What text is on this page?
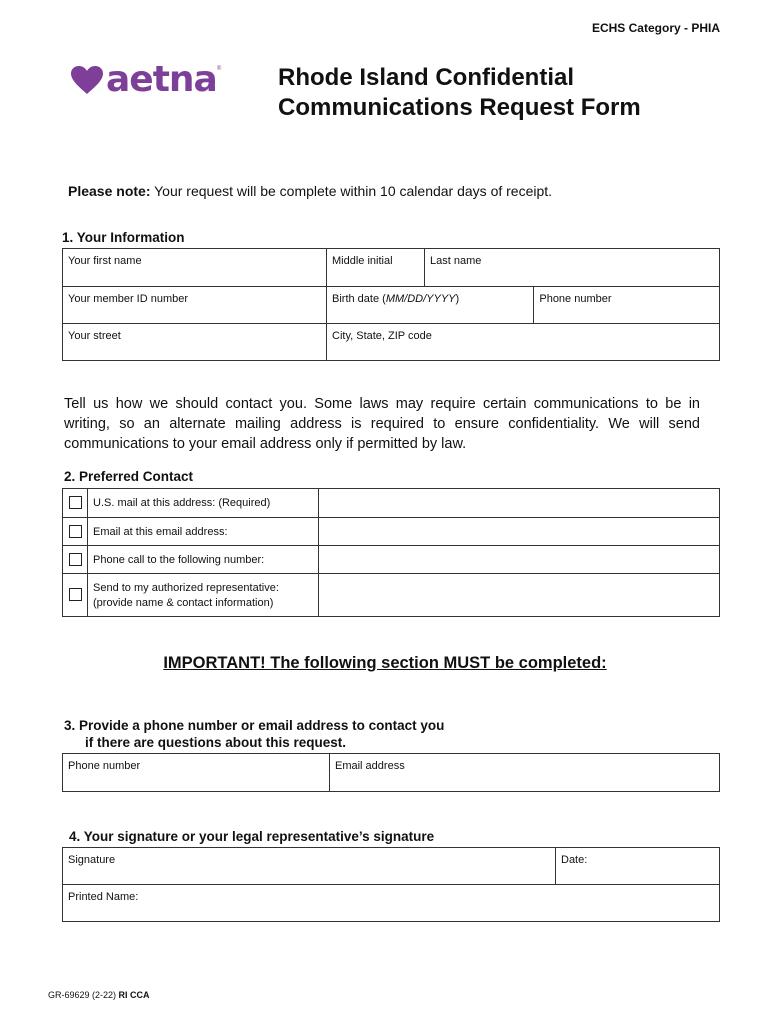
ECHS Category - PHIA
aetna ® Rhode Island Confidential
Communications Request Form
Please note: Your request will be complete within 10 calendar days of receipt.
1. Your Information
Your first name	Middle initial	Last name	
Your member ID number	Birth date (MM/DD/YYYY)		Phone number
Your street	City, State, ZIP code		
Tell us how we should contact you. Some laws may require certain communications to be in writing, so an alternate mailing address is required to ensure confidentiality. We will send communications to your email address only if permitted by law.
2. Preferred Contact
	U.S. mail at this address: (Required)	
	Email at this email address:	
	Phone call to the following number:	

	Send to my authorized representative:
(provide name & contact information)	

IMPORTANT! The following section MUST be completed:
3. Provide a phone number or email address to contact you
if there are questions about this request.
Phone number	Email address
4. Your signature or your legal representative’s signature
Signature	Date:
Printed Name:
GR-69629 (2-22) RI CCA
